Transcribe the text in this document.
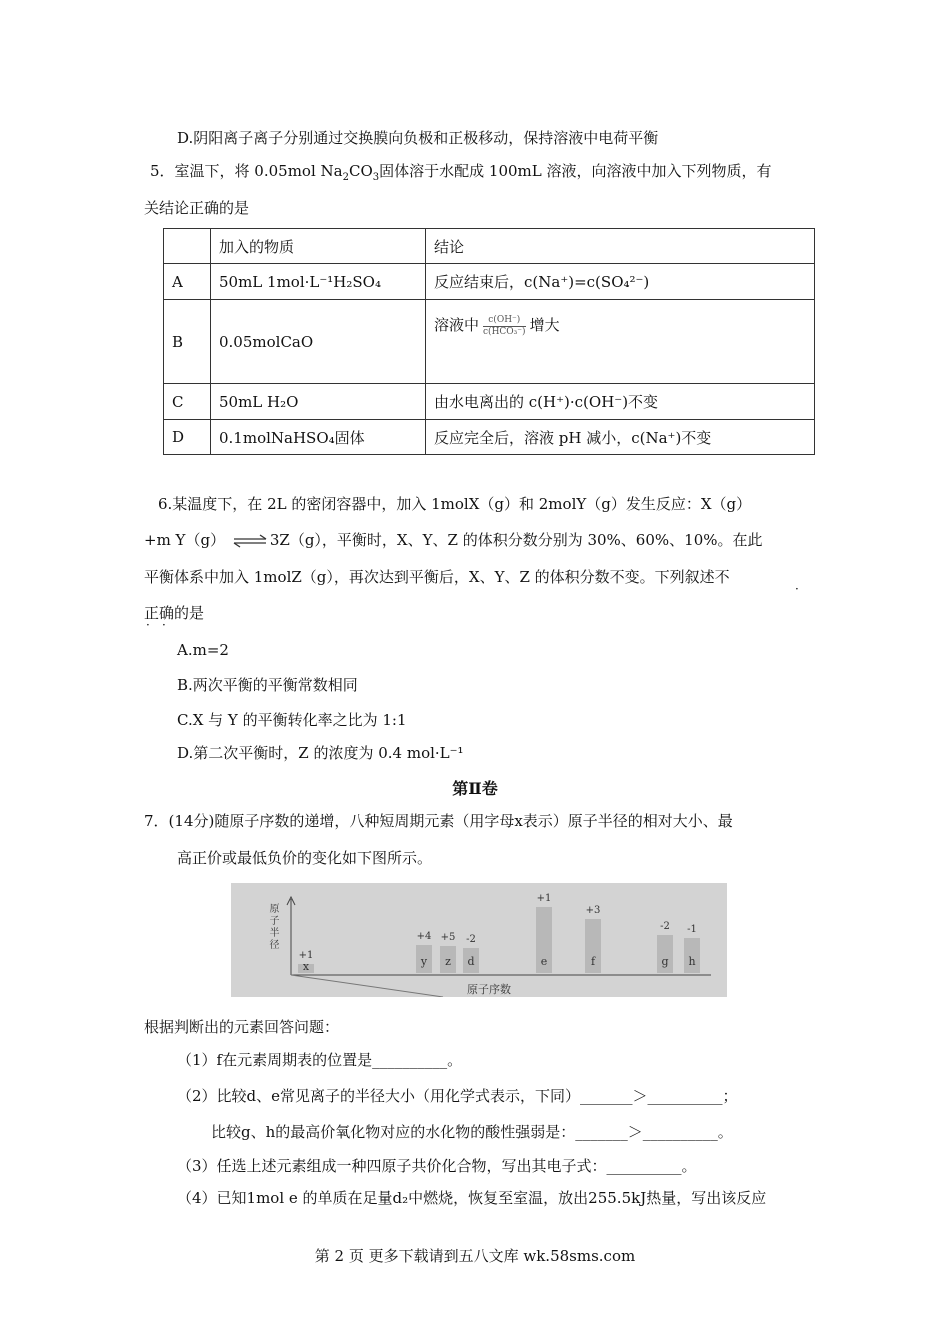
D.阴阳离子离子分别通过交换膜向负极和正极移动，保持溶液中电荷平衡
5．室温下，将 0.05mol $Na_2CO_3$固体溶于水配成 100mL 溶液，向溶液中加入下列物质，有
关结论正确的是
	加入的物质	结论
A	50mL 1mol·L⁻¹H₂SO₄	反应结束后，c(Na⁺)=c(SO₄²⁻)
B	0.05molCaO	溶液中 $\frac{c(OH^-)}{\text{c(HCO₃⁻)}}$ 增大
C	50mL H₂O	由水电离出的 c(H⁺)·c(OH⁻)不变
D	0.1molNaHSO₄固体	反应完全后，溶液 pH 减小，c(Na⁺)不变
6.某温度下，在 2L 的密闭容器中，加入 1molX（g）和 2molY（g）发生反应：X（g）
+m Y（g） ⇌ 3Z（g），平衡时，X、Y、Z 的体积分数分别为 30%、60%、10%。在此
平衡体系中加入 1molZ（g），再次达到平衡后，X、Y、Z 的体积分数不变。下列叙述不
·
正确的是
· ·
A.m=2
B.两次平衡的平衡常数相同
C.X 与 Y 的平衡转化率之比为 1:1
D.第二次平衡时，Z 的浓度为 0.4 mol·L⁻¹
第Ⅱ卷
7．(14分)随原子序数的递增，八种短周期元素（用字母x表示）原子半径的相对大小、最
高正价或最低负价的变化如下图所示。
原子半径
原子序数
x
+1	y
+4
z
+5
d
-2
e
+1
f
+3
g
-2
h
-1
根据判断出的元素回答问题：
（1）f在元素周期表的位置是__________。
（2）比较d、e常见离子的半径大小（用化学式表示，下同）_______＞__________；
比较g、h的最高价氧化物对应的水化物的酸性强弱是：_______＞__________。
（3）任选上述元素组成一种四原子共价化合物，写出其电子式：__________。
（4）已知1mol e 的单质在足量d₂中燃烧，恢复至室温，放出255.5kJ热量，写出该反应
第 2 页 更多下载请到五八文库 wk.58sms.com
